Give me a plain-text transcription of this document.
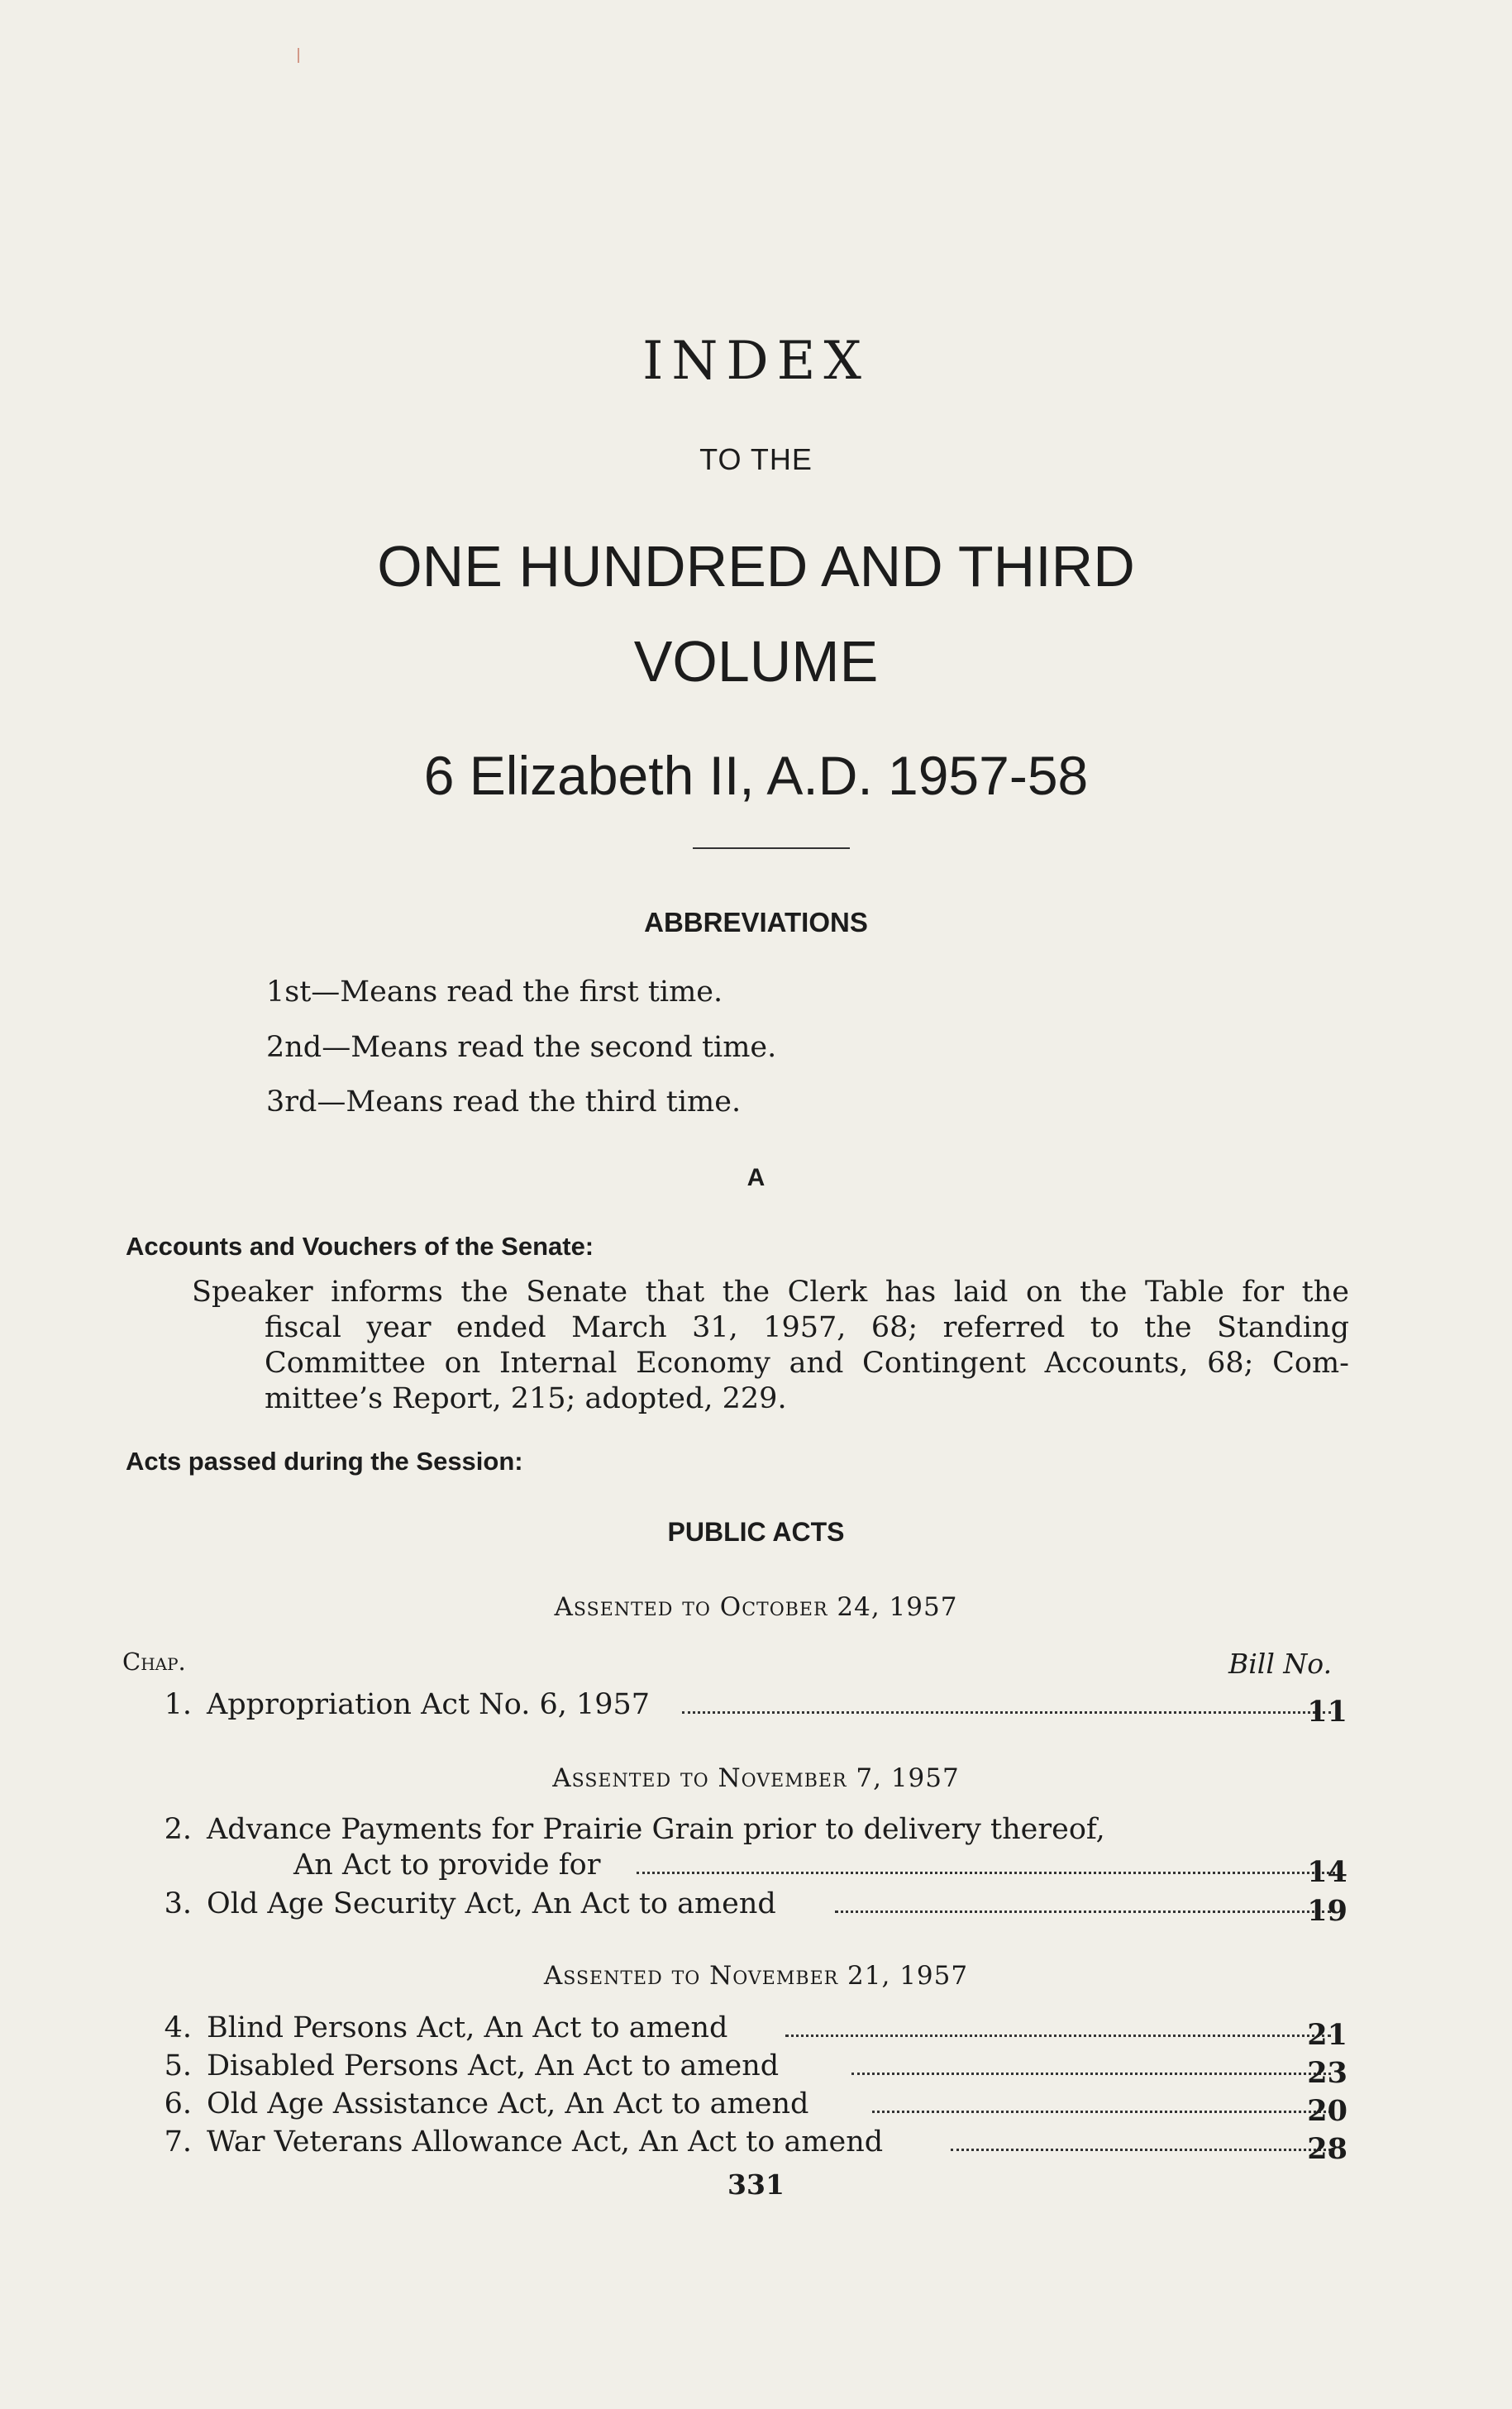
INDEX
TO THE
ONE HUNDRED AND THIRD
VOLUME
6 Elizabeth II, A.D. 1957-58
ABBREVIATIONS
1st—Means read the first time.
2nd—Means read the second time.
3rd—Means read the third time.
A
Accounts and Vouchers of the Senate:
Speaker informs the Senate that the Clerk has laid on the Table for the
fiscal year ended March 31, 1957, 68; referred to the Standing
Committee on Internal Economy and Contingent Accounts, 68; Com-
mittee’s Report, 215; adopted, 229.
Acts passed during the Session:
PUBLIC ACTS
Assented to October 24, 1957
Chap.	Bill No.
1. Appropriation Act No. 6, 1957	11
Assented to November 7, 1957
2. Advance Payments for Prairie Grain prior to delivery thereof,
An Act to provide for	14
3. Old Age Security Act, An Act to amend	19
Assented to November 21, 1957
4. Blind Persons Act, An Act to amend	21
5. Disabled Persons Act, An Act to amend	23
6. Old Age Assistance Act, An Act to amend	20
7. War Veterans Allowance Act, An Act to amend	28
331
